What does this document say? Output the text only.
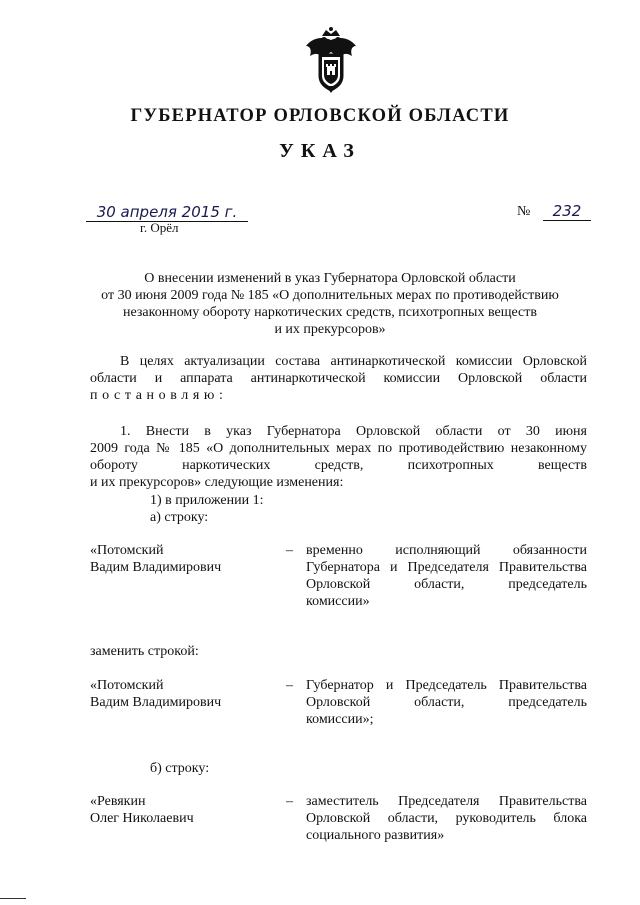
ГУБЕРНАТОР ОРЛОВСКОЙ ОБЛАСТИ
УКАЗ
30 апреля 2015 г.
г. Орёл
№	232
О внесении изменений в указ Губернатора Орловской области
от 30 июня 2009 года № 185 «О дополнительных мерах по противодействию
незаконному обороту наркотических средств, психотропных веществ
и их прекурсоров»
В целях актуализации состава антинаркотической комиссии Орловской
области и аппарата антинаркотической комиссии Орловской области
постановляю:
1. Внести в указ Губернатора Орловской области от 30 июня
2009 года № 185 «О дополнительных мерах по противодействию незаконному
обороту наркотических средств, психотропных веществ
и их прекурсоров» следующие изменения:
1) в приложении 1:
а) строку:
«Потомский
Вадим Владимирович
– временно исполняющий обязанности
Губернатора и Председателя Правительства
Орловской области, председатель
комиссии»
заменить строкой:
«Потомский
Вадим Владимирович
– Губернатор и Председатель Правительства
Орловской области, председатель
комиссии»;
б) строку:
«Ревякин
Олег Николаевич
– заместитель Председателя Правительства
Орловской области, руководитель блока
социального развития»
